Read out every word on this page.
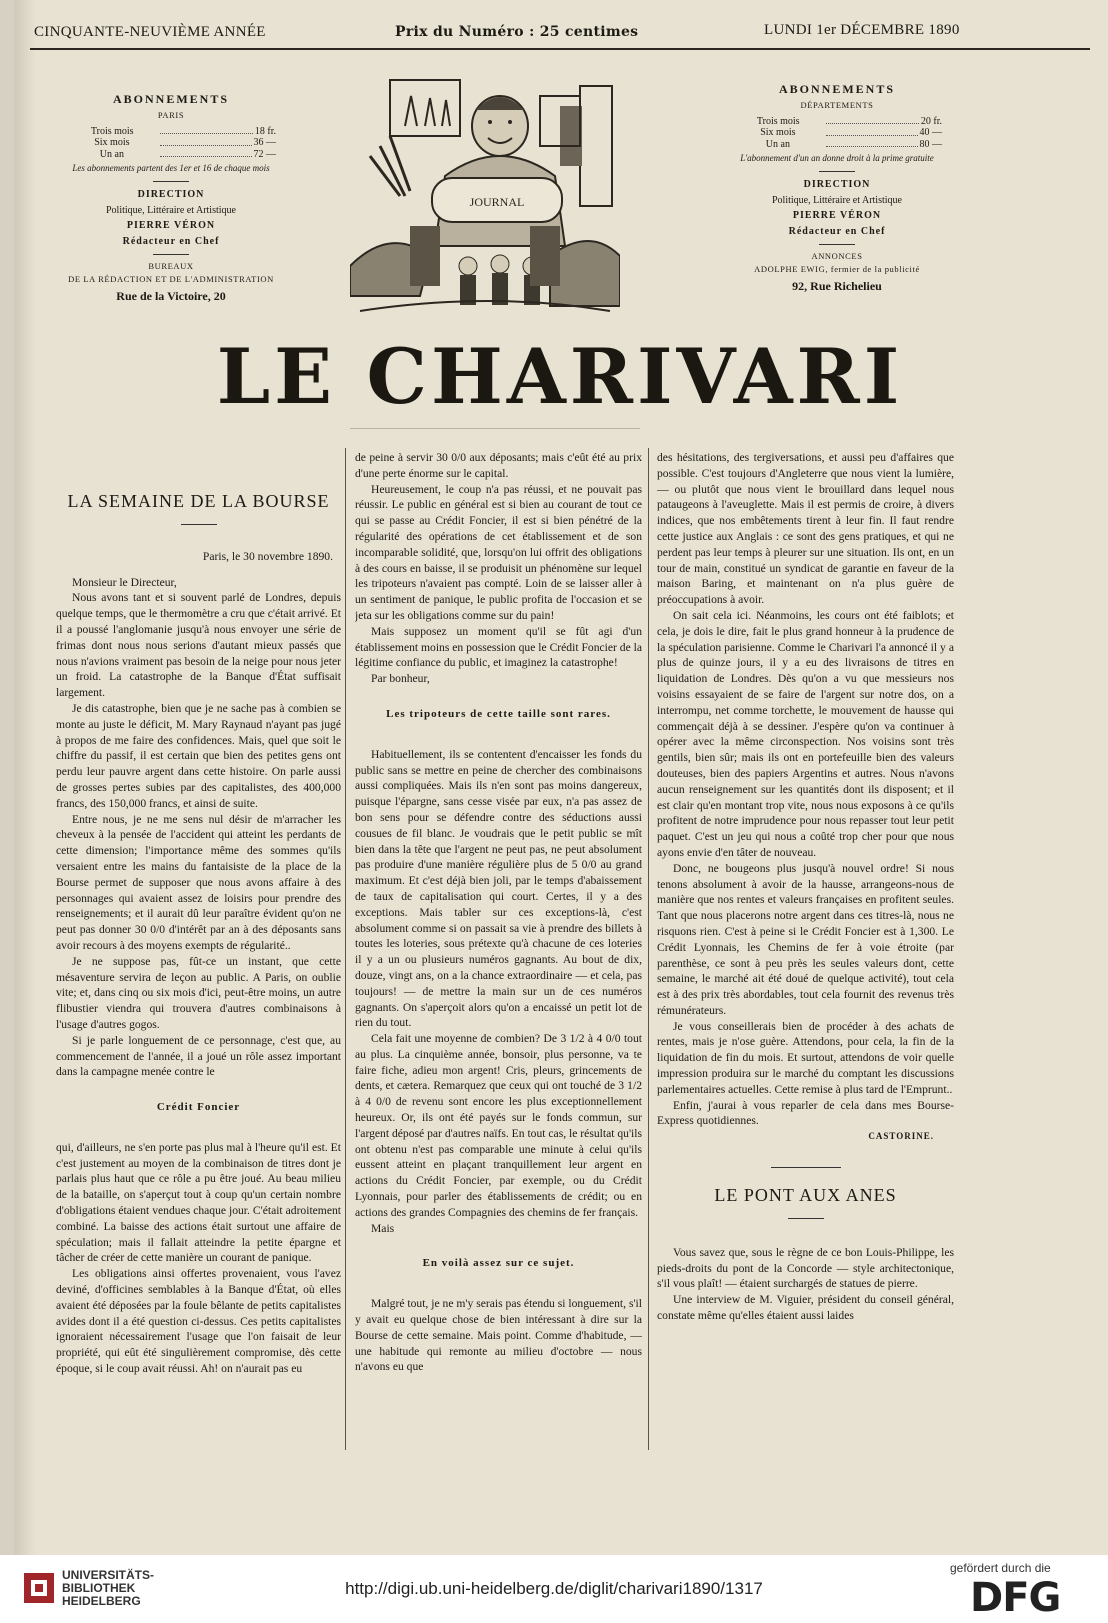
CINQUANTE-NEUVIÈME ANNÉE	Prix du Numéro : 25 centimes	LUNDI 1er DÉCEMBRE 1890
ABONNEMENTS
PARIS
Trois mois	18 fr.
Six mois	36 —
Un an	72 —
Les abonnements partent des 1er et 16 de chaque mois
DIRECTION
Politique, Littéraire et Artistique
PIERRE VÉRON
Rédacteur en Chef
BUREAUX
DE LA RÉDACTION ET DE L'ADMINISTRATION
Rue de la Victoire, 20
ABONNEMENTS
DÉPARTEMENTS
Trois mois	20 fr.
Six mois	40 —
Un an	80 —
L'abonnement d'un an donne droit à la prime gratuite
DIRECTION
Politique, Littéraire et Artistique
PIERRE VÉRON
Rédacteur en Chef
ANNONCES
ADOLPHE EWIG, fermier de la publicité
92, Rue Richelieu
JOURNAL
LE CHARIVARI

LA SEMAINE DE LA BOURSE

Paris, le 30 novembre 1890.

Monsieur le Directeur,

Nous avons tant et si souvent parlé de Londres, depuis quelque temps, que le thermomètre a cru que c'était arrivé. Et il a poussé l'anglomanie jusqu'à nous envoyer une série de frimas dont nous nous serions d'autant mieux passés que nous n'avions vraiment pas besoin de la neige pour nous jeter un froid. La catastrophe de la Banque d'État suffisait largement.

Je dis catastrophe, bien que je ne sache pas à combien se monte au juste le déficit, M. Mary Raynaud n'ayant pas jugé à propos de me faire des confidences. Mais, quel que soit le chiffre du passif, il est certain que bien des petites gens ont perdu leur pauvre argent dans cette histoire. On parle aussi de grosses pertes subies par des capitalistes, des 400,000 francs, des 150,000 francs, et ainsi de suite.

Entre nous, je ne me sens nul désir de m'arracher les cheveux à la pensée de l'accident qui atteint les perdants de cette dimension; l'importance même des sommes qu'ils versaient entre les mains du fantaisiste de la place de la Bourse permet de supposer que nous avons affaire à des personnages qui avaient assez de loisirs pour prendre des renseignements; et il aurait dû leur paraître évident qu'on ne peut pas donner 30 0/0 d'intérêt par an à des déposants sans avoir recours à des moyens exempts de régularité..

Je ne suppose pas, fût-ce un instant, que cette mésaventure servira de leçon au public. A Paris, on oublie vite; et, dans cinq ou six mois d'ici, peut-être moins, un autre flibustier viendra qui trouvera d'autres combinaisons à l'usage d'autres gogos.

Si je parle longuement de ce personnage, c'est que, au commencement de l'année, il a joué un rôle assez important dans la campagne menée contre le

Crédit Foncier

qui, d'ailleurs, ne s'en porte pas plus mal à l'heure qu'il est. Et c'est justement au moyen de la combinaison de titres dont je parlais plus haut que ce rôle a pu être joué. Au beau milieu de la bataille, on s'aperçut tout à coup qu'un certain nombre d'obligations étaient vendues chaque jour. C'était adroitement combiné. La baisse des actions était surtout une affaire de spéculation; mais il fallait atteindre la petite épargne et tâcher de créer de cette manière un courant de panique.

Les obligations ainsi offertes provenaient, vous l'avez deviné, d'officines semblables à la Banque d'État, où elles avaient été déposées par la foule bêlante de petits capitalistes avides dont il a été question ci-dessus. Ces petits capitalistes ignoraient nécessairement l'usage que l'on faisait de leur propriété, qui eût été singulièrement compromise, dès cette époque, si le coup avait réussi. Ah! on n'aurait pas eu

de peine à servir 30 0/0 aux déposants; mais c'eût été au prix d'une perte énorme sur le capital.

Heureusement, le coup n'a pas réussi, et ne pouvait pas réussir. Le public en général est si bien au courant de tout ce qui se passe au Crédit Foncier, il est si bien pénétré de la régularité des opérations de cet établissement et de son incomparable solidité, que, lorsqu'on lui offrit des obligations à des cours en baisse, il se produisit un phénomène sur lequel les tripoteurs n'avaient pas compté. Loin de se laisser aller à un sentiment de panique, le public profita de l'occasion et se jeta sur les obligations comme sur du pain!

Mais supposez un moment qu'il se fût agi d'un établissement moins en possession que le Crédit Foncier de la légitime confiance du public, et imaginez la catastrophe!

Par bonheur,

Les tripoteurs de cette taille sont rares.

Habituellement, ils se contentent d'encaisser les fonds du public sans se mettre en peine de chercher des combinaisons aussi compliquées. Mais ils n'en sont pas moins dangereux, puisque l'épargne, sans cesse visée par eux, n'a pas assez de bon sens pour se défendre contre des séductions aussi cousues de fil blanc. Je voudrais que le petit public se mît bien dans la tête que l'argent ne peut pas, ne peut absolument pas produire d'une manière régulière plus de 5 0/0 au grand maximum. Et c'est déjà bien joli, par le temps d'abaissement de taux de capitalisation qui court. Certes, il y a des exceptions. Mais tabler sur ces exceptions-là, c'est absolument comme si on passait sa vie à prendre des billets à toutes les loteries, sous prétexte qu'à chacune de ces loteries il y a un ou plusieurs numéros gagnants. Au bout de dix, douze, vingt ans, on a la chance extraordinaire — et cela, pas toujours! — de mettre la main sur un de ces numéros gagnants. On s'aperçoit alors qu'on a encaissé un petit lot de rien du tout.

Cela fait une moyenne de combien? De 3 1/2 à 4 0/0 tout au plus. La cinquième année, bonsoir, plus personne, va te faire fiche, adieu mon argent! Cris, pleurs, grincements de dents, et cætera. Remarquez que ceux qui ont touché de 3 1/2 à 4 0/0 de revenu sont encore les plus exceptionnellement heureux. Or, ils ont été payés sur le fonds commun, sur l'argent déposé par d'autres naïfs. En tout cas, le résultat qu'ils ont obtenu n'est pas comparable une minute à celui qu'ils eussent atteint en plaçant tranquillement leur argent en actions du Crédit Foncier, par exemple, ou du Crédit Lyonnais, pour parler des établissements de crédit; ou en actions des grandes Compagnies des chemins de fer français.

Mais

En voilà assez sur ce sujet.

Malgré tout, je ne m'y serais pas étendu si longuement, s'il y avait eu quelque chose de bien intéressant à dire sur la Bourse de cette semaine. Mais point. Comme d'habitude, — une habitude qui remonte au milieu d'octobre — nous n'avons eu que

des hésitations, des tergiversations, et aussi peu d'affaires que possible. C'est toujours d'Angleterre que nous vient la lumière, — ou plutôt que nous vient le brouillard dans lequel nous pataugeons à l'aveuglette. Mais il est permis de croire, à divers indices, que nos embêtements tirent à leur fin. Il faut rendre cette justice aux Anglais : ce sont des gens pratiques, et qui ne perdent pas leur temps à pleurer sur une situation. Ils ont, en un tour de main, constitué un syndicat de garantie en faveur de la maison Baring, et maintenant on n'a plus guère de préoccupations à avoir.

On sait cela ici. Néanmoins, les cours ont été faiblots; et cela, je dois le dire, fait le plus grand honneur à la prudence de la spéculation parisienne. Comme le Charivari l'a annoncé il y a plus de quinze jours, il y a eu des livraisons de titres en liquidation de Londres. Dès qu'on a vu que messieurs nos voisins essayaient de se faire de l'argent sur notre dos, on a interrompu, net comme torchette, le mouvement de hausse qui commençait déjà à se dessiner. J'espère qu'on va continuer à opérer avec la même circonspection. Nos voisins sont très gentils, bien sûr; mais ils ont en portefeuille bien des valeurs douteuses, bien des papiers Argentins et autres. Nous n'avons aucun renseignement sur les quantités dont ils disposent; et il est clair qu'en montant trop vite, nous nous exposons à ce qu'ils profitent de notre imprudence pour nous repasser tout leur petit paquet. C'est un jeu qui nous a coûté trop cher pour que nous ayons envie d'en tâter de nouveau.

Donc, ne bougeons plus jusqu'à nouvel ordre! Si nous tenons absolument à avoir de la hausse, arrangeons-nous de manière que nos rentes et valeurs françaises en profitent seules. Tant que nous placerons notre argent dans ces titres-là, nous ne risquons rien. C'est à peine si le Crédit Foncier est à 1,300. Le Crédit Lyonnais, les Chemins de fer à voie étroite (par parenthèse, ce sont à peu près les seules valeurs dont, cette semaine, le marché ait été doué de quelque activité), tout cela est à des prix très abordables, tout cela fournit des revenus très rémunérateurs.

Je vous conseillerais bien de procéder à des achats de rentes, mais je n'ose guère. Attendons, pour cela, la fin de la liquidation de fin du mois. Et surtout, attendons de voir quelle impression produira sur le marché du comptant les discussions parlementaires actuelles. Cette remise à plus tard de l'Emprunt..

Enfin, j'aurai à vous reparler de cela dans mes Bourse-Express quotidiennes.

CASTORINE.

LE PONT AUX ANES

Vous savez que, sous le règne de ce bon Louis-Philippe, les pieds-droits du pont de la Concorde — style architectonique, s'il vous plaît! — étaient surchargés de statues de pierre.

Une interview de M. Viguier, président du conseil général, constate même qu'elles étaient aussi laides

UNIVERSITÄTS-
BIBLIOTHEK
HEIDELBERG
http://digi.ub.uni-heidelberg.de/diglit/charivari1890/1317
gefördert durch die
DFG
